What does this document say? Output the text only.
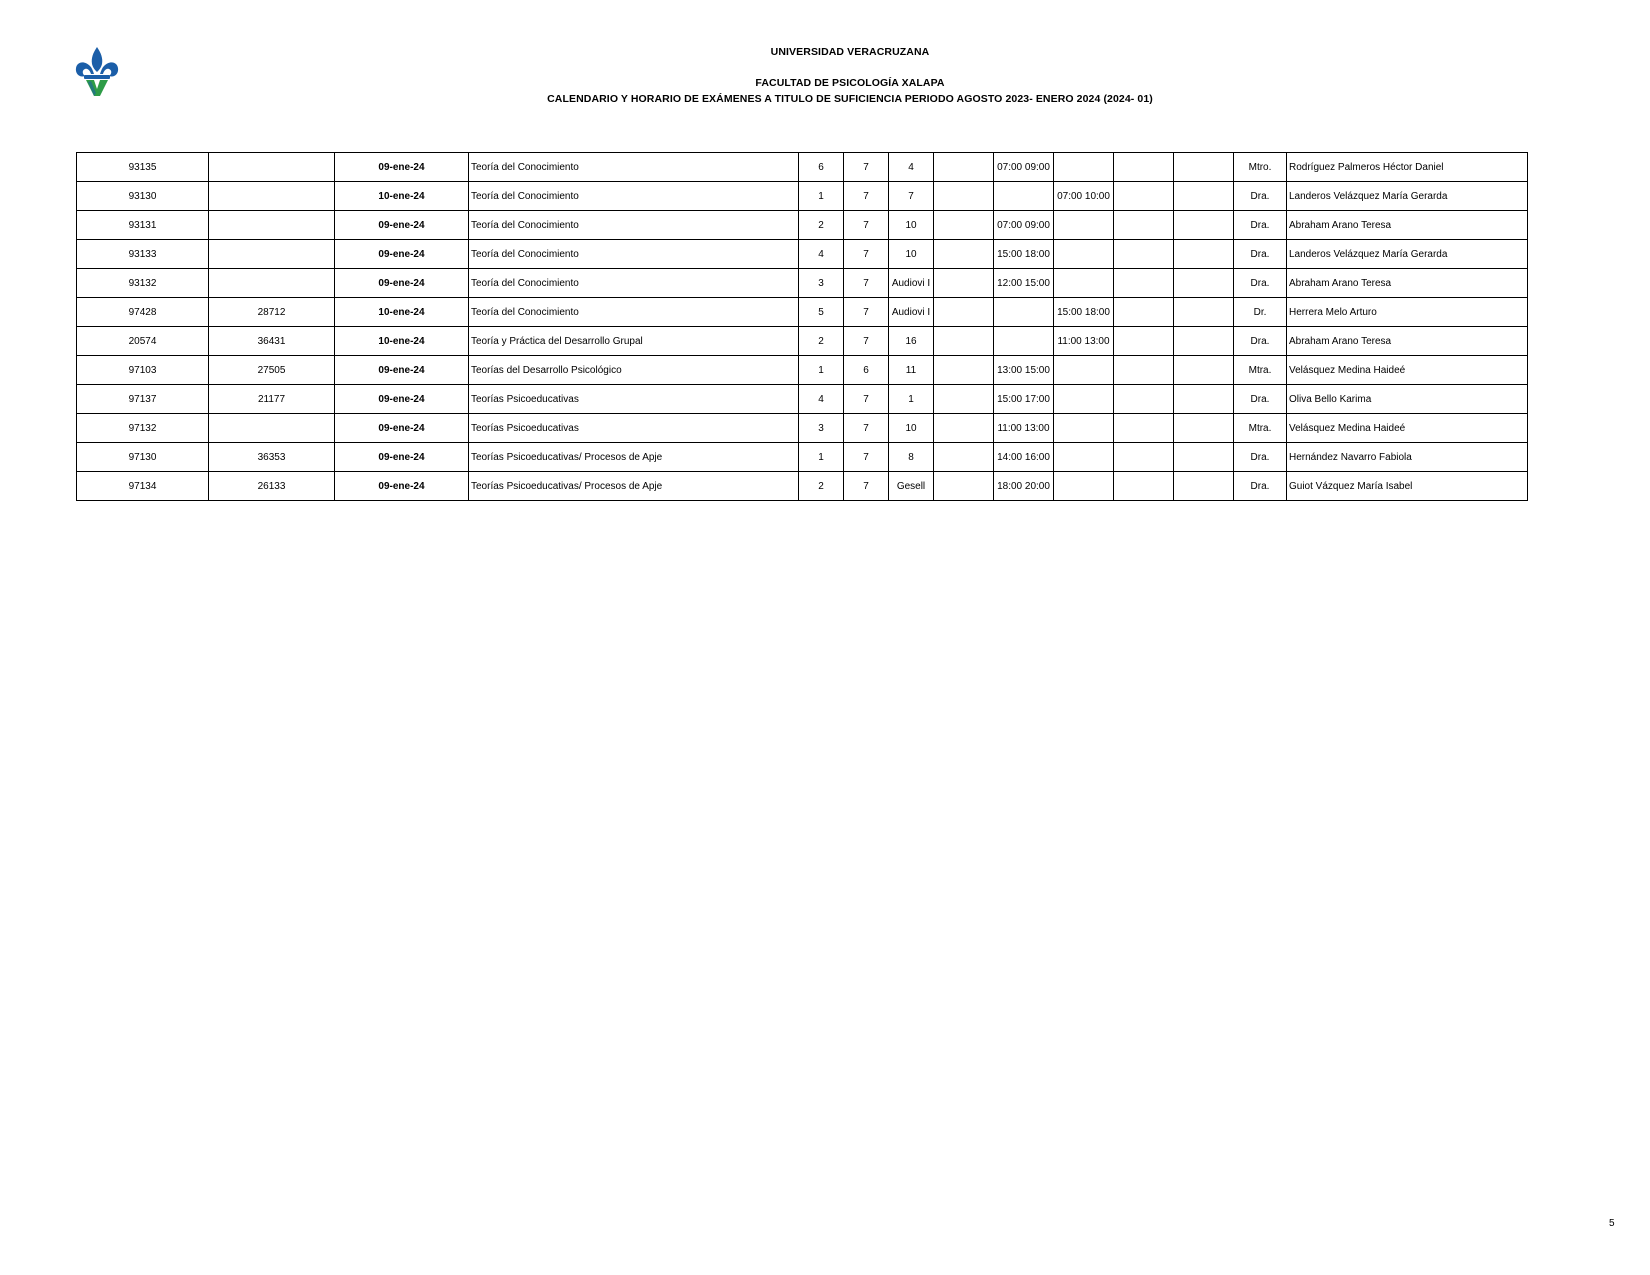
UNIVERSIDAD VERACRUZANA
FACULTAD DE PSICOLOGÍA XALAPA
CALENDARIO Y HORARIO DE EXÁMENES A TITULO DE SUFICIENCIA PERIODO AGOSTO 2023- ENERO 2024 (2024- 01)
93135		09-ene-24	Teoría del Conocimiento	6	7	4		07:00 09:00				Mtro.	Rodríguez Palmeros Héctor Daniel
93130		10-ene-24	Teoría del Conocimiento	1	7	7			07:00 10:00			Dra.	Landeros Velázquez María Gerarda
93131		09-ene-24	Teoría del Conocimiento	2	7	10		07:00 09:00				Dra.	Abraham Arano Teresa
93133		09-ene-24	Teoría del Conocimiento	4	7	10		15:00 18:00				Dra.	Landeros Velázquez María Gerarda
93132		09-ene-24	Teoría del Conocimiento	3	7	Audiovi I		12:00 15:00				Dra.	Abraham Arano Teresa
97428	28712	10-ene-24	Teoría del Conocimiento	5	7	Audiovi I			15:00 18:00			Dr.	Herrera Melo Arturo
20574	36431	10-ene-24	Teoría y Práctica del Desarrollo Grupal	2	7	16			11:00 13:00			Dra.	Abraham Arano Teresa
97103	27505	09-ene-24	Teorías del Desarrollo Psicológico	1	6	11		13:00 15:00				Mtra.	Velásquez Medina Haideé
97137	21177	09-ene-24	Teorías Psicoeducativas	4	7	1		15:00 17:00				Dra.	Oliva Bello Karima
97132		09-ene-24	Teorías Psicoeducativas	3	7	10		11:00 13:00				Mtra.	Velásquez Medina Haideé
97130	36353	09-ene-24	Teorías Psicoeducativas/ Procesos de Apje	1	7	8		14:00 16:00				Dra.	Hernández Navarro Fabiola
97134	26133	09-ene-24	Teorías Psicoeducativas/ Procesos de Apje	2	7	Gesell		18:00 20:00				Dra.	Guiot Vázquez María Isabel
5
